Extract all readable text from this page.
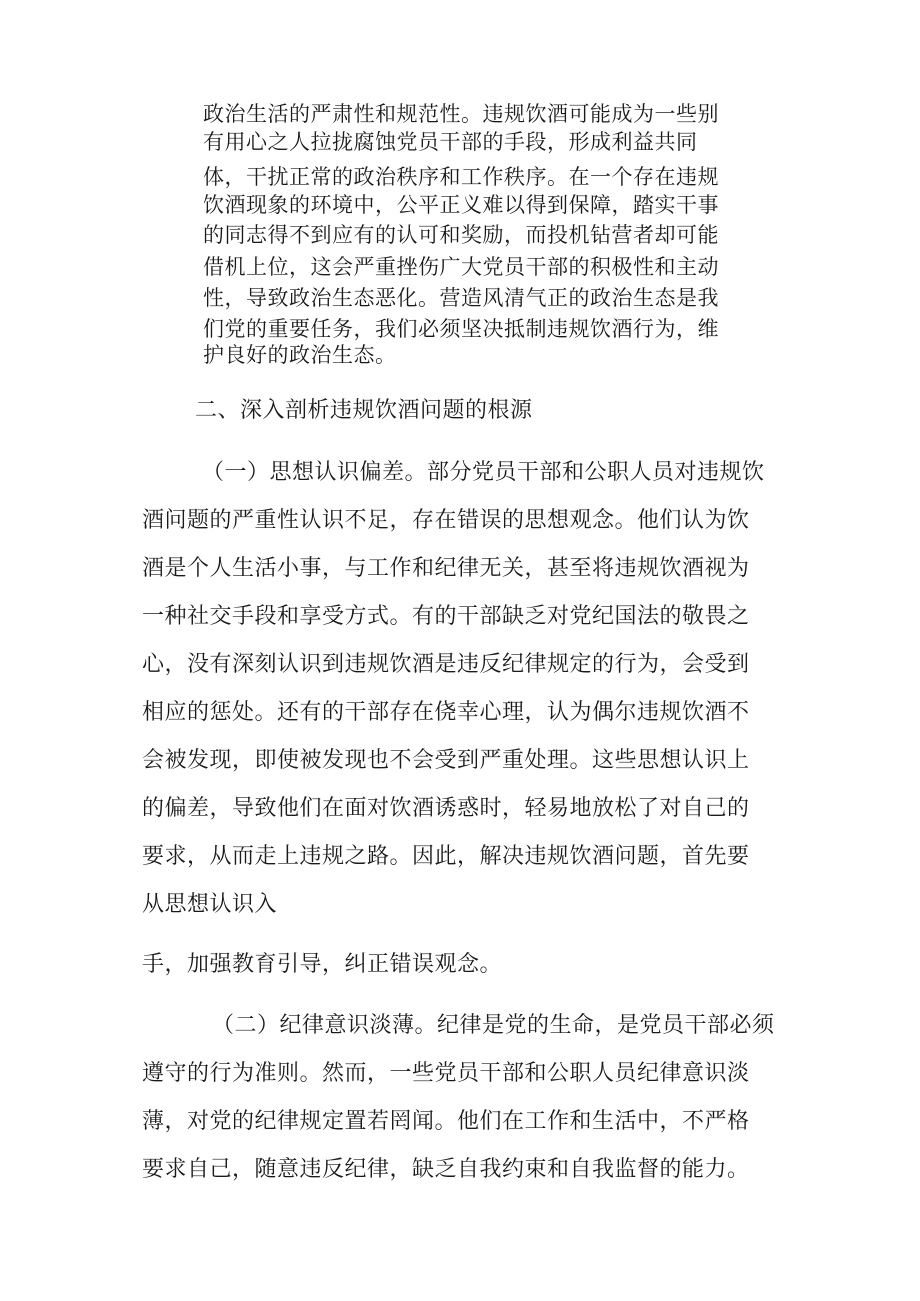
政治生活的严肃性和规范性。违规饮酒可能成为一些别
有用心之人拉拢腐蚀党员干部的手段，形成利益共同
体，干扰正常的政治秩序和工作秩序。在一个存在违规
饮酒现象的环境中，公平正义难以得到保障，踏实干事
的同志得不到应有的认可和奖励，而投机钻营者却可能
借机上位，这会严重挫伤广大党员干部的积极性和主动
性，导致政治生态恶化。营造风清气正的政治生态是我
们党的重要任务，我们必须坚决抵制违规饮酒行为，维
护良好的政治生态。
二、深入剖析违规饮酒问题的根源
（一）思想认识偏差。部分党员干部和公职人员对违规饮
酒问题的严重性认识不足，存在错误的思想观念。他们认为饮
酒是个人生活小事，与工作和纪律无关，甚至将违规饮酒视为
一种社交手段和享受方式。有的干部缺乏对党纪国法的敬畏之
心，没有深刻认识到违规饮酒是违反纪律规定的行为，会受到
相应的惩处。还有的干部存在侥幸心理，认为偶尔违规饮酒不
会被发现，即使被发现也不会受到严重处理。这些思想认识上
的偏差，导致他们在面对饮酒诱惑时，轻易地放松了对自己的
要求，从而走上违规之路。因此，解决违规饮酒问题，首先要
从思想认识入
手，加强教育引导，纠正错误观念。
（二）纪律意识淡薄。纪律是党的生命，是党员干部必须
遵守的行为准则。然而，一些党员干部和公职人员纪律意识淡
薄，对党的纪律规定置若罔闻。他们在工作和生活中，不严格
要求自己，随意违反纪律，缺乏自我约束和自我监督的能力。
